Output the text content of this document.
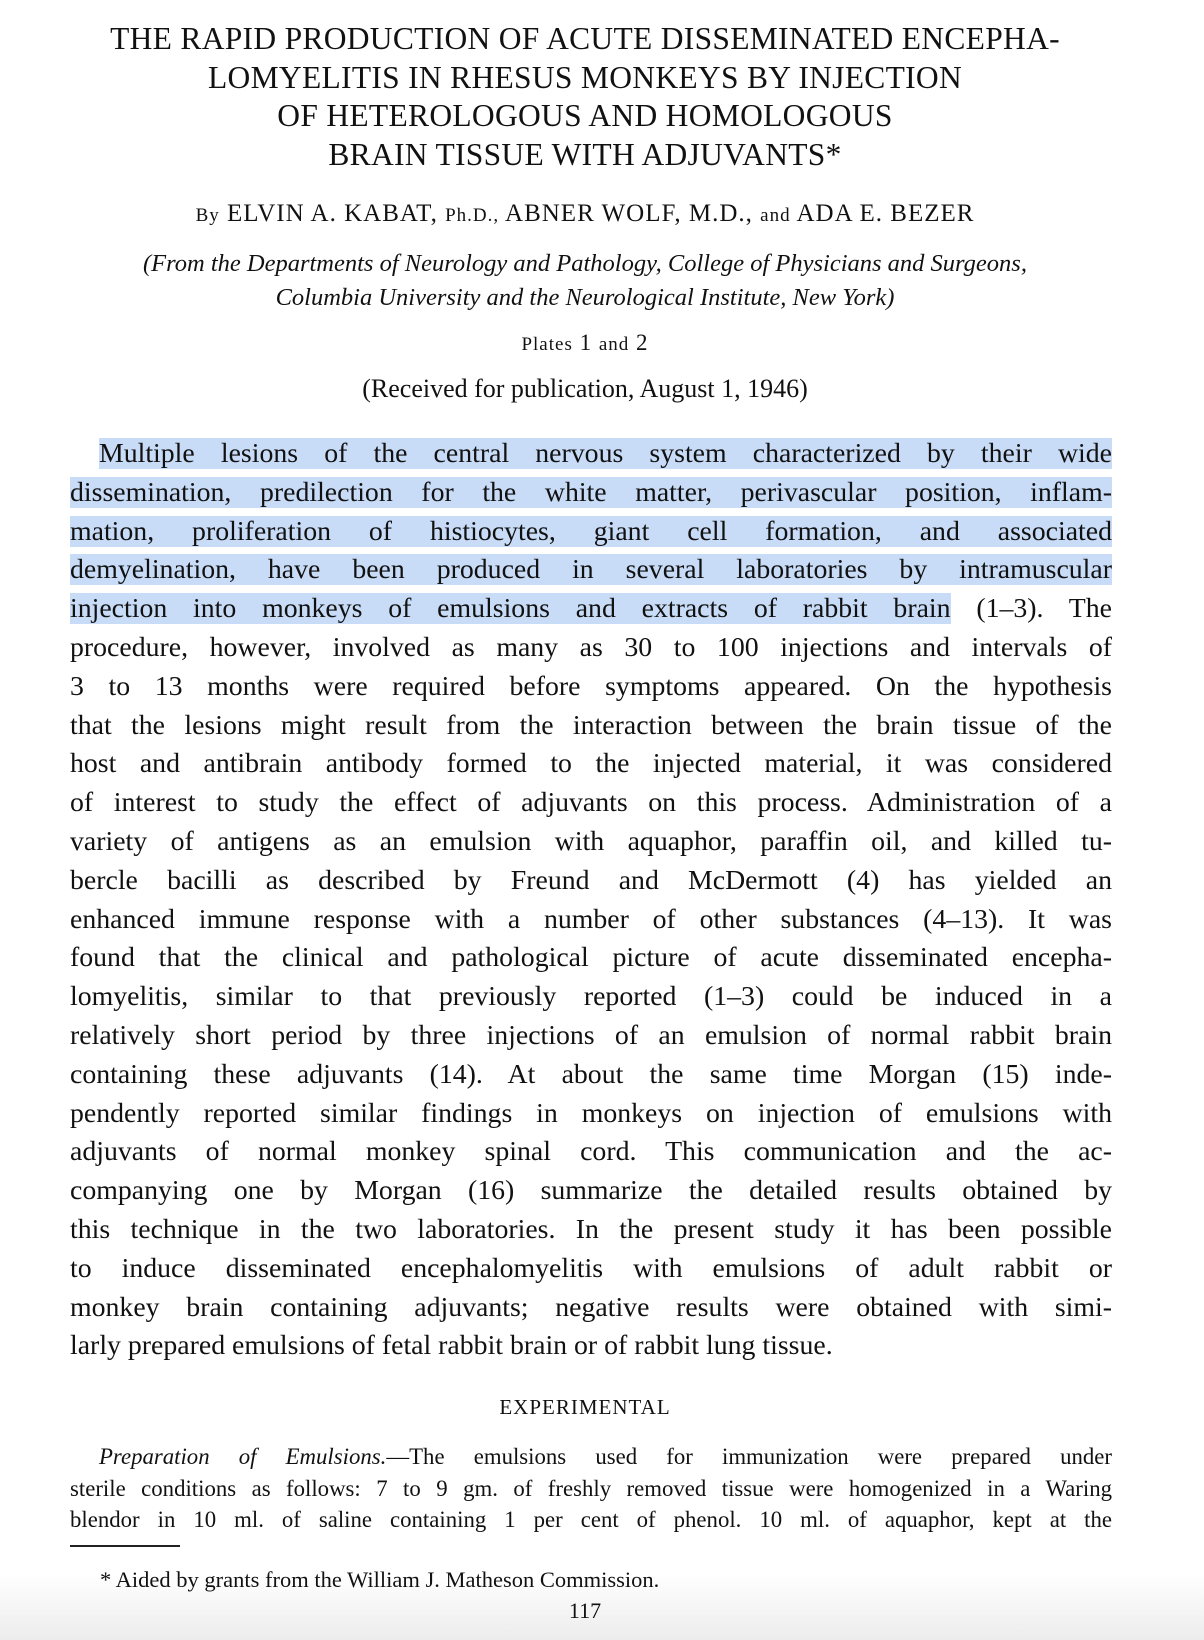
THE RAPID PRODUCTION OF ACUTE DISSEMINATED ENCEPHA-
LOMYELITIS IN RHESUS MONKEYS BY INJECTION
OF HETEROLOGOUS AND HOMOLOGOUS
BRAIN TISSUE WITH ADJUVANTS*
By ELVIN A. KABAT, Ph.D., ABNER WOLF, M.D., and ADA E. BEZER
(From the Departments of Neurology and Pathology, College of Physicians and Surgeons,
Columbia University and the Neurological Institute, New York)
Plates 1 and 2
(Received for publication, August 1, 1946)
Multiple lesions of the central nervous system characterized by their wide
dissemination, predilection for the white matter, perivascular position, inflam-
mation, proliferation of histiocytes, giant cell formation, and associated
demyelination, have been produced in several laboratories by intramuscular
injection into monkeys of emulsions and extracts of rabbit brain (1–3). The
procedure, however, involved as many as 30 to 100 injections and intervals of
3 to 13 months were required before symptoms appeared. On the hypothesis
that the lesions might result from the interaction between the brain tissue of the
host and antibrain antibody formed to the injected material, it was considered
of interest to study the effect of adjuvants on this process. Administration of a
variety of antigens as an emulsion with aquaphor, paraffin oil, and killed tu-
bercle bacilli as described by Freund and McDermott (4) has yielded an
enhanced immune response with a number of other substances (4–13). It was
found that the clinical and pathological picture of acute disseminated encepha-
lomyelitis, similar to that previously reported (1–3) could be induced in a
relatively short period by three injections of an emulsion of normal rabbit brain
containing these adjuvants (14). At about the same time Morgan (15) inde-
pendently reported similar findings in monkeys on injection of emulsions with
adjuvants of normal monkey spinal cord. This communication and the ac-
companying one by Morgan (16) summarize the detailed results obtained by
this technique in the two laboratories. In the present study it has been possible
to induce disseminated encephalomyelitis with emulsions of adult rabbit or
monkey brain containing adjuvants; negative results were obtained with simi-
larly prepared emulsions of fetal rabbit brain or of rabbit lung tissue.
EXPERIMENTAL
Preparation of Emulsions.—The emulsions used for immunization were prepared under
sterile conditions as follows: 7 to 9 gm. of freshly removed tissue were homogenized in a Waring
blendor in 10 ml. of saline containing 1 per cent of phenol. 10 ml. of aquaphor, kept at the
* Aided by grants from the William J. Matheson Commission.
117
